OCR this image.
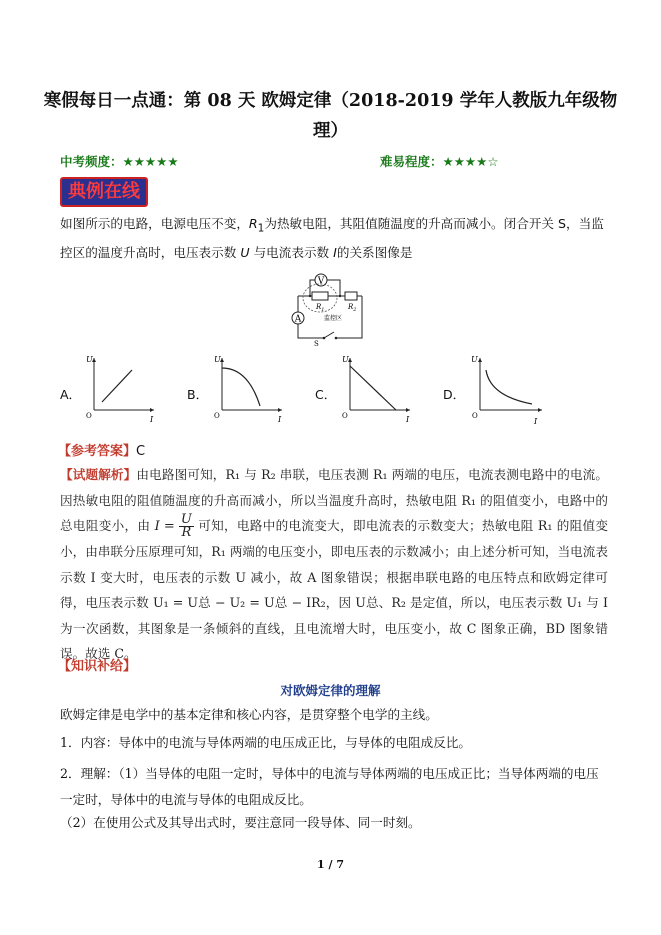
寒假每日一点通：第 08 天 欧姆定律（2018-2019 学年人教版九年级物理）
中考频度：★★★★★	难易程度：★★★★☆
典例在线
如图所示的电路，电源电压不变，$R_1$为热敏电阻，其阻值随温度的升高而减小。闭合开关 S，当监控区的温度升高时，电压表示数 U 与电流表示数 I的关系图像是
V
A
$R_1$	$R_2$
监控区
S
A．	B．	C．	D．
U
I
O
U
I
O
U
I
O
U
I
O
【参考答案】C
【试题解析】由电路图可知，R₁ 与 R₂ 串联，电压表测 R₁ 两端的电压，电流表测电路中的电流。因热敏电阻的阻值随温度的升高而减小，所以当温度升高时，热敏电阻 R₁ 的阻值变小，电路中的总电阻变小，由 $I = \frac{U}{R}$ 可知，电路中的电流变大，即电流表的示数变大；热敏电阻 R₁ 的阻值变小，由串联分压原理可知，R₁ 两端的电压变小，即电压表的示数减小；由上述分析可知，当电流表示数 I 变大时，电压表的示数 U 减小，故 A 图象错误；根据串联电路的电压特点和欧姆定律可得，电压表示数 U₁ = U总 − U₂ = U总 − IR₂，因 U总、R₂ 是定值，所以，电压表示数 U₁ 与 I 为一次函数，其图象是一条倾斜的直线，且电流增大时，电压变小，故 C 图象正确，BD 图象错误。故选 C。
【知识补给】
对欧姆定律的理解
欧姆定律是电学中的基本定律和核心内容，是贯穿整个电学的主线。
1．内容：导体中的电流与导体两端的电压成正比，与导体的电阻成反比。
2．理解：（1）当导体的电阻一定时，导体中的电流与导体两端的电压成正比；当导体两端的电压一定时，导体中的电流与导体的电阻成反比。
（2）在使用公式及其导出式时，要注意同一段导体、同一时刻。
1 / 7
